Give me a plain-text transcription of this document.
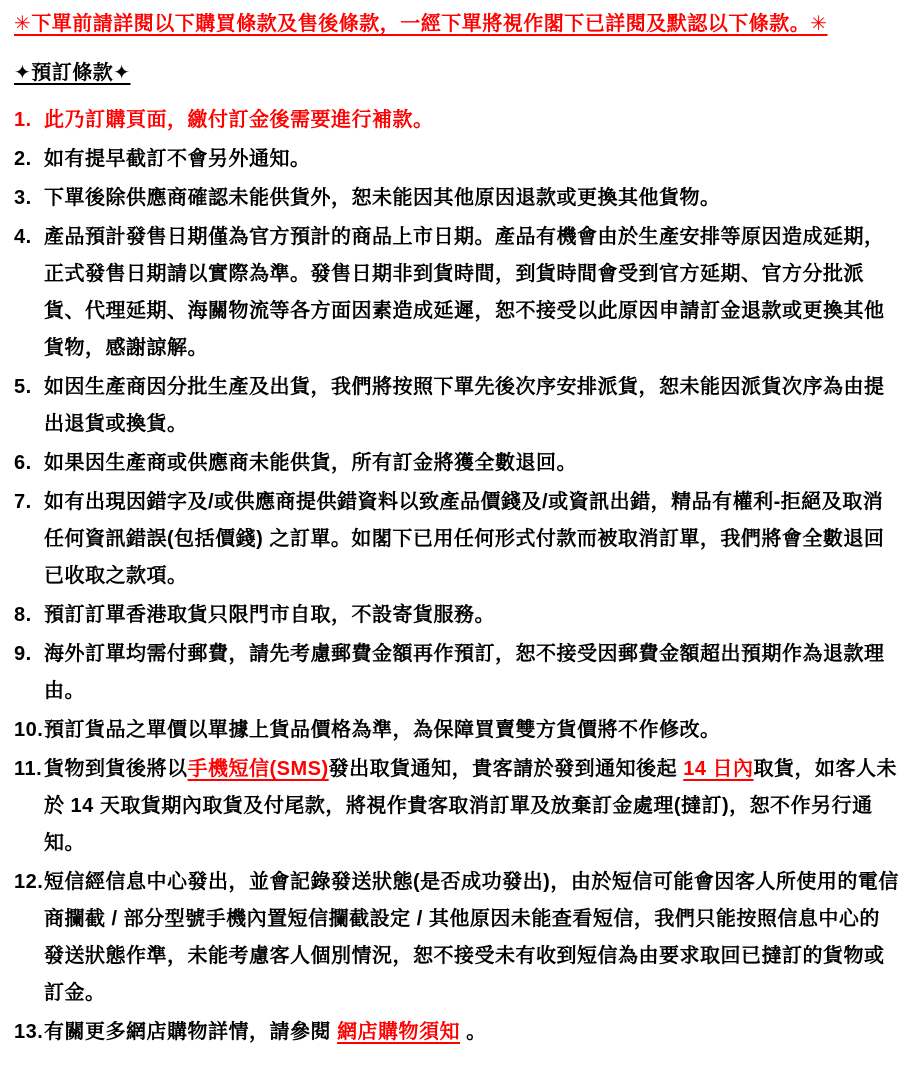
✳下單前請詳閱以下購買條款及售後條款，一經下單將視作閣下已詳閱及默認以下條款。✳
✦預訂條款✦
1. 此乃訂購頁面，繳付訂金後需要進行補款。
2. 如有提早截訂不會另外通知。
3. 下單後除供應商確認未能供貨外，恕未能因其他原因退款或更換其他貨物。
4. 產品預計發售日期僅為官方預計的商品上市日期。產品有機會由於生產安排等原因造成延期，正式發售日期請以實際為準。發售日期非到貨時間，到貨時間會受到官方延期、官方分批派貨、代理延期、海關物流等各方面因素造成延遲，恕不接受以此原因申請訂金退款或更換其他貨物，感謝諒解。
5. 如因生產商因分批生產及出貨，我們將按照下單先後次序安排派貨，恕未能因派貨次序為由提出退貨或換貨。
6. 如果因生產商或供應商未能供貨，所有訂金將獲全數退回。
7. 如有出現因錯字及/或供應商提供錯資料以致產品價錢及/或資訊出錯，精品有權利-拒絕及取消任何資訊錯誤(包括價錢) 之訂單。如閣下已用任何形式付款而被取消訂單，我們將會全數退回已收取之款項。
8. 預訂訂單香港取貨只限門市自取，不設寄貨服務。
9. 海外訂單均需付郵費，請先考慮郵費金額再作預訂，恕不接受因郵費金額超出預期作為退款理由。
10. 預訂貨品之單價以單據上貨品價格為準，為保障買賣雙方貨價將不作修改。
11. 貨物到貨後將以手機短信(SMS)發出取貨通知，貴客請於發到通知後起 14 日內取貨，如客人未於 14 天取貨期內取貨及付尾款，將視作貴客取消訂單及放棄訂金處理(撻訂)，恕不作另行通知。
12. 短信經信息中心發出，並會記錄發送狀態(是否成功發出)，由於短信可能會因客人所使用的電信商攔截 / 部分型號手機內置短信攔截設定 / 其他原因未能查看短信，我們只能按照信息中心的發送狀態作準，未能考慮客人個別情況，恕不接受未有收到短信為由要求取回已撻訂的貨物或訂金。
13. 有關更多網店購物詳情，請參閱 網店購物須知 。
